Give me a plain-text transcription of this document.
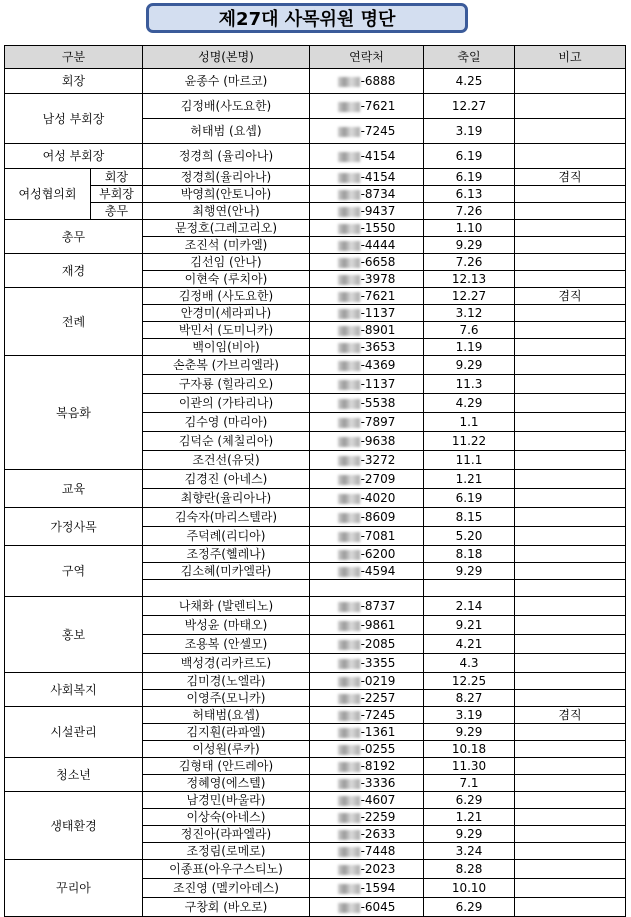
제27대 사목위원 명단
구분		성명(본명)	연락처	축일	비고
회장		윤종수 (마르코)	-6888	4.25	
남성 부회장		김정배(사도요한)	-7621	12.27	
		허태범 (요셉)	-7245	3.19	
여성 부회장		정경희 (율리아나)	-4154	6.19	
여성협의회	회장	정경희(율리아나)	-4154	6.19	겸직
	부회장	박영희(안토니아)	-8734	6.13	
	총무	최행연(안나)	-9437	7.26	
총무		문정호(그레고리오)	-1550	1.10	
		조진석 (미카엘)	-4444	9.29	
재경		김선임 (안나)	-6658	7.26	
		이현숙 (루치아)	-3978	12.13	
전례		김정배 (사도요한)	-7621	12.27	겸직
		안경미(세라피나)	-1137	3.12	
		박민서 (도미니카)	-8901	7.6	
		백이임(비아)	-3653	1.19	
복음화		손춘복 (가브리엘라)	-4369	9.29	
		구자룡 (힐라리오)	-1137	11.3	
		이관의 (가타리나)	-5538	4.29	
		김수영 (마리아)	-7897	1.1	
		김덕순 (체칠리아)	-9638	11.22	
		조건선(유딧)	-3272	11.1	
교육		김경진 (아네스)	-2709	1.21	
		최향란(율리아나)	-4020	6.19	
가정사목		김숙자(마리스텔라)	-8609	8.15	
		주덕례(리디아)	-7081	5.20	
구역		조정주(헬레나)	-6200	8.18	
		김소혜(미카엘라)	-4594	9.29	

홍보		나채화 (발렌티노)	-8737	2.14	
		박성윤 (마태오)	-9861	9.21	
		조용복 (안셀모)	-2085	4.21	
		백성경(리카르도)	-3355	4.3	
사회복지		김미경(노엘라)	-0219	12.25	
		이영주(모니카)	-2257	8.27	
시설관리		허태범(요셉)	-7245	3.19	겸직
		김지훤(라파엘)	-1361	9.29	
		이성원(루카)	-0255	10.18	
청소년		김형태 (안드레아)	-8192	11.30	
		정혜영(에스텔)	-3336	7.1	
생태환경		남경민(바울라)	-4607	6.29	
		이상숙(아네스)	-2259	1.21	
		정진아(라파엘라)	-2633	9.29	
		조정림(로메로)	-7448	3.24	
꾸리아		이종표(아우구스티노)	-2023	8.28	
		조진영 (멜키아데스)	-1594	10.10	
		구창회 (바오로)	-6045	6.29	
